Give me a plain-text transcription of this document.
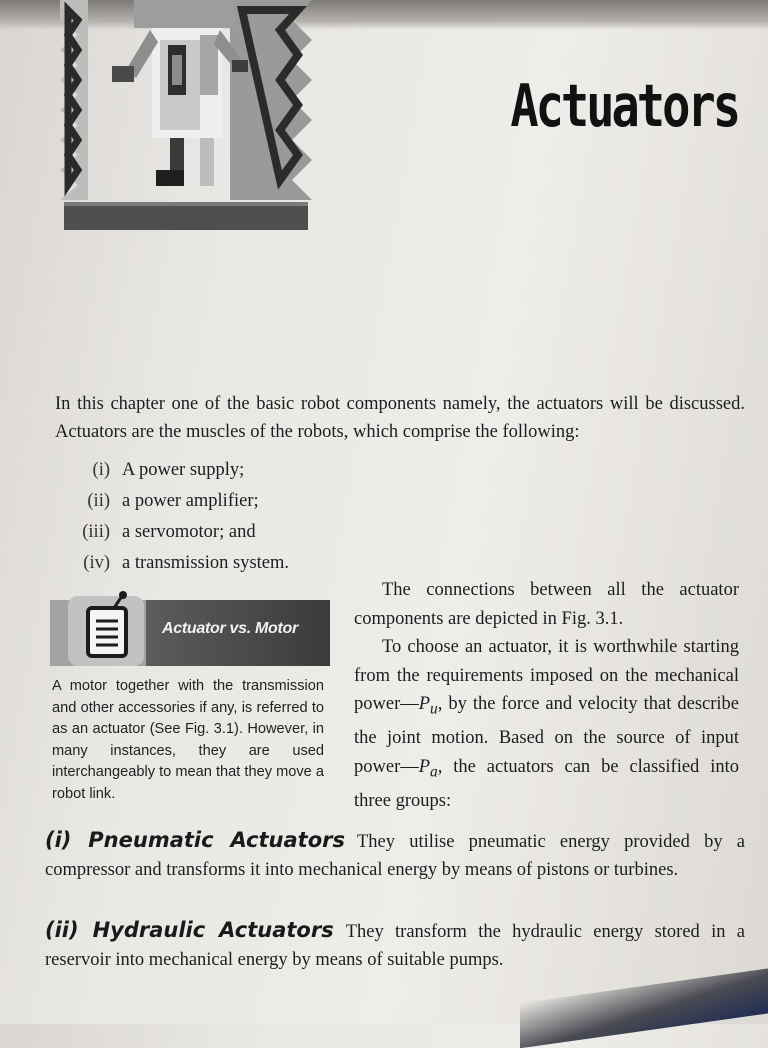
Actuators
In this chapter one of the basic robot components namely, the actuators will be discussed. Actuators are the muscles of the robots, which comprise the following:
(i) A power supply;
(ii) a power amplifier;
(iii) a servomotor; and
(iv) a transmission system.
Actuator vs. Motor
A motor together with the transmission and other accessories if any, is referred to as an actuator (See Fig. 3.1). However, in many instances, they are used interchangeably to mean that they move a robot link.

The connections between all the actuator components are depicted in Fig. 3.1.

To choose an actuator, it is worthwhile starting from the requirements imposed on the mechanical $power—P_u$, by the force and velocity that describe the joint motion. Based on the source of input $power—P_a$, the actuators can be classified into three groups:

(i) Pneumatic Actuators They utilise pneumatic energy provided by a compressor and transforms it into mechanical energy by means of pistons or turbines.
(ii) Hydraulic Actuators They transform the hydraulic energy stored in a reservoir into mechanical energy by means of suitable pumps.
